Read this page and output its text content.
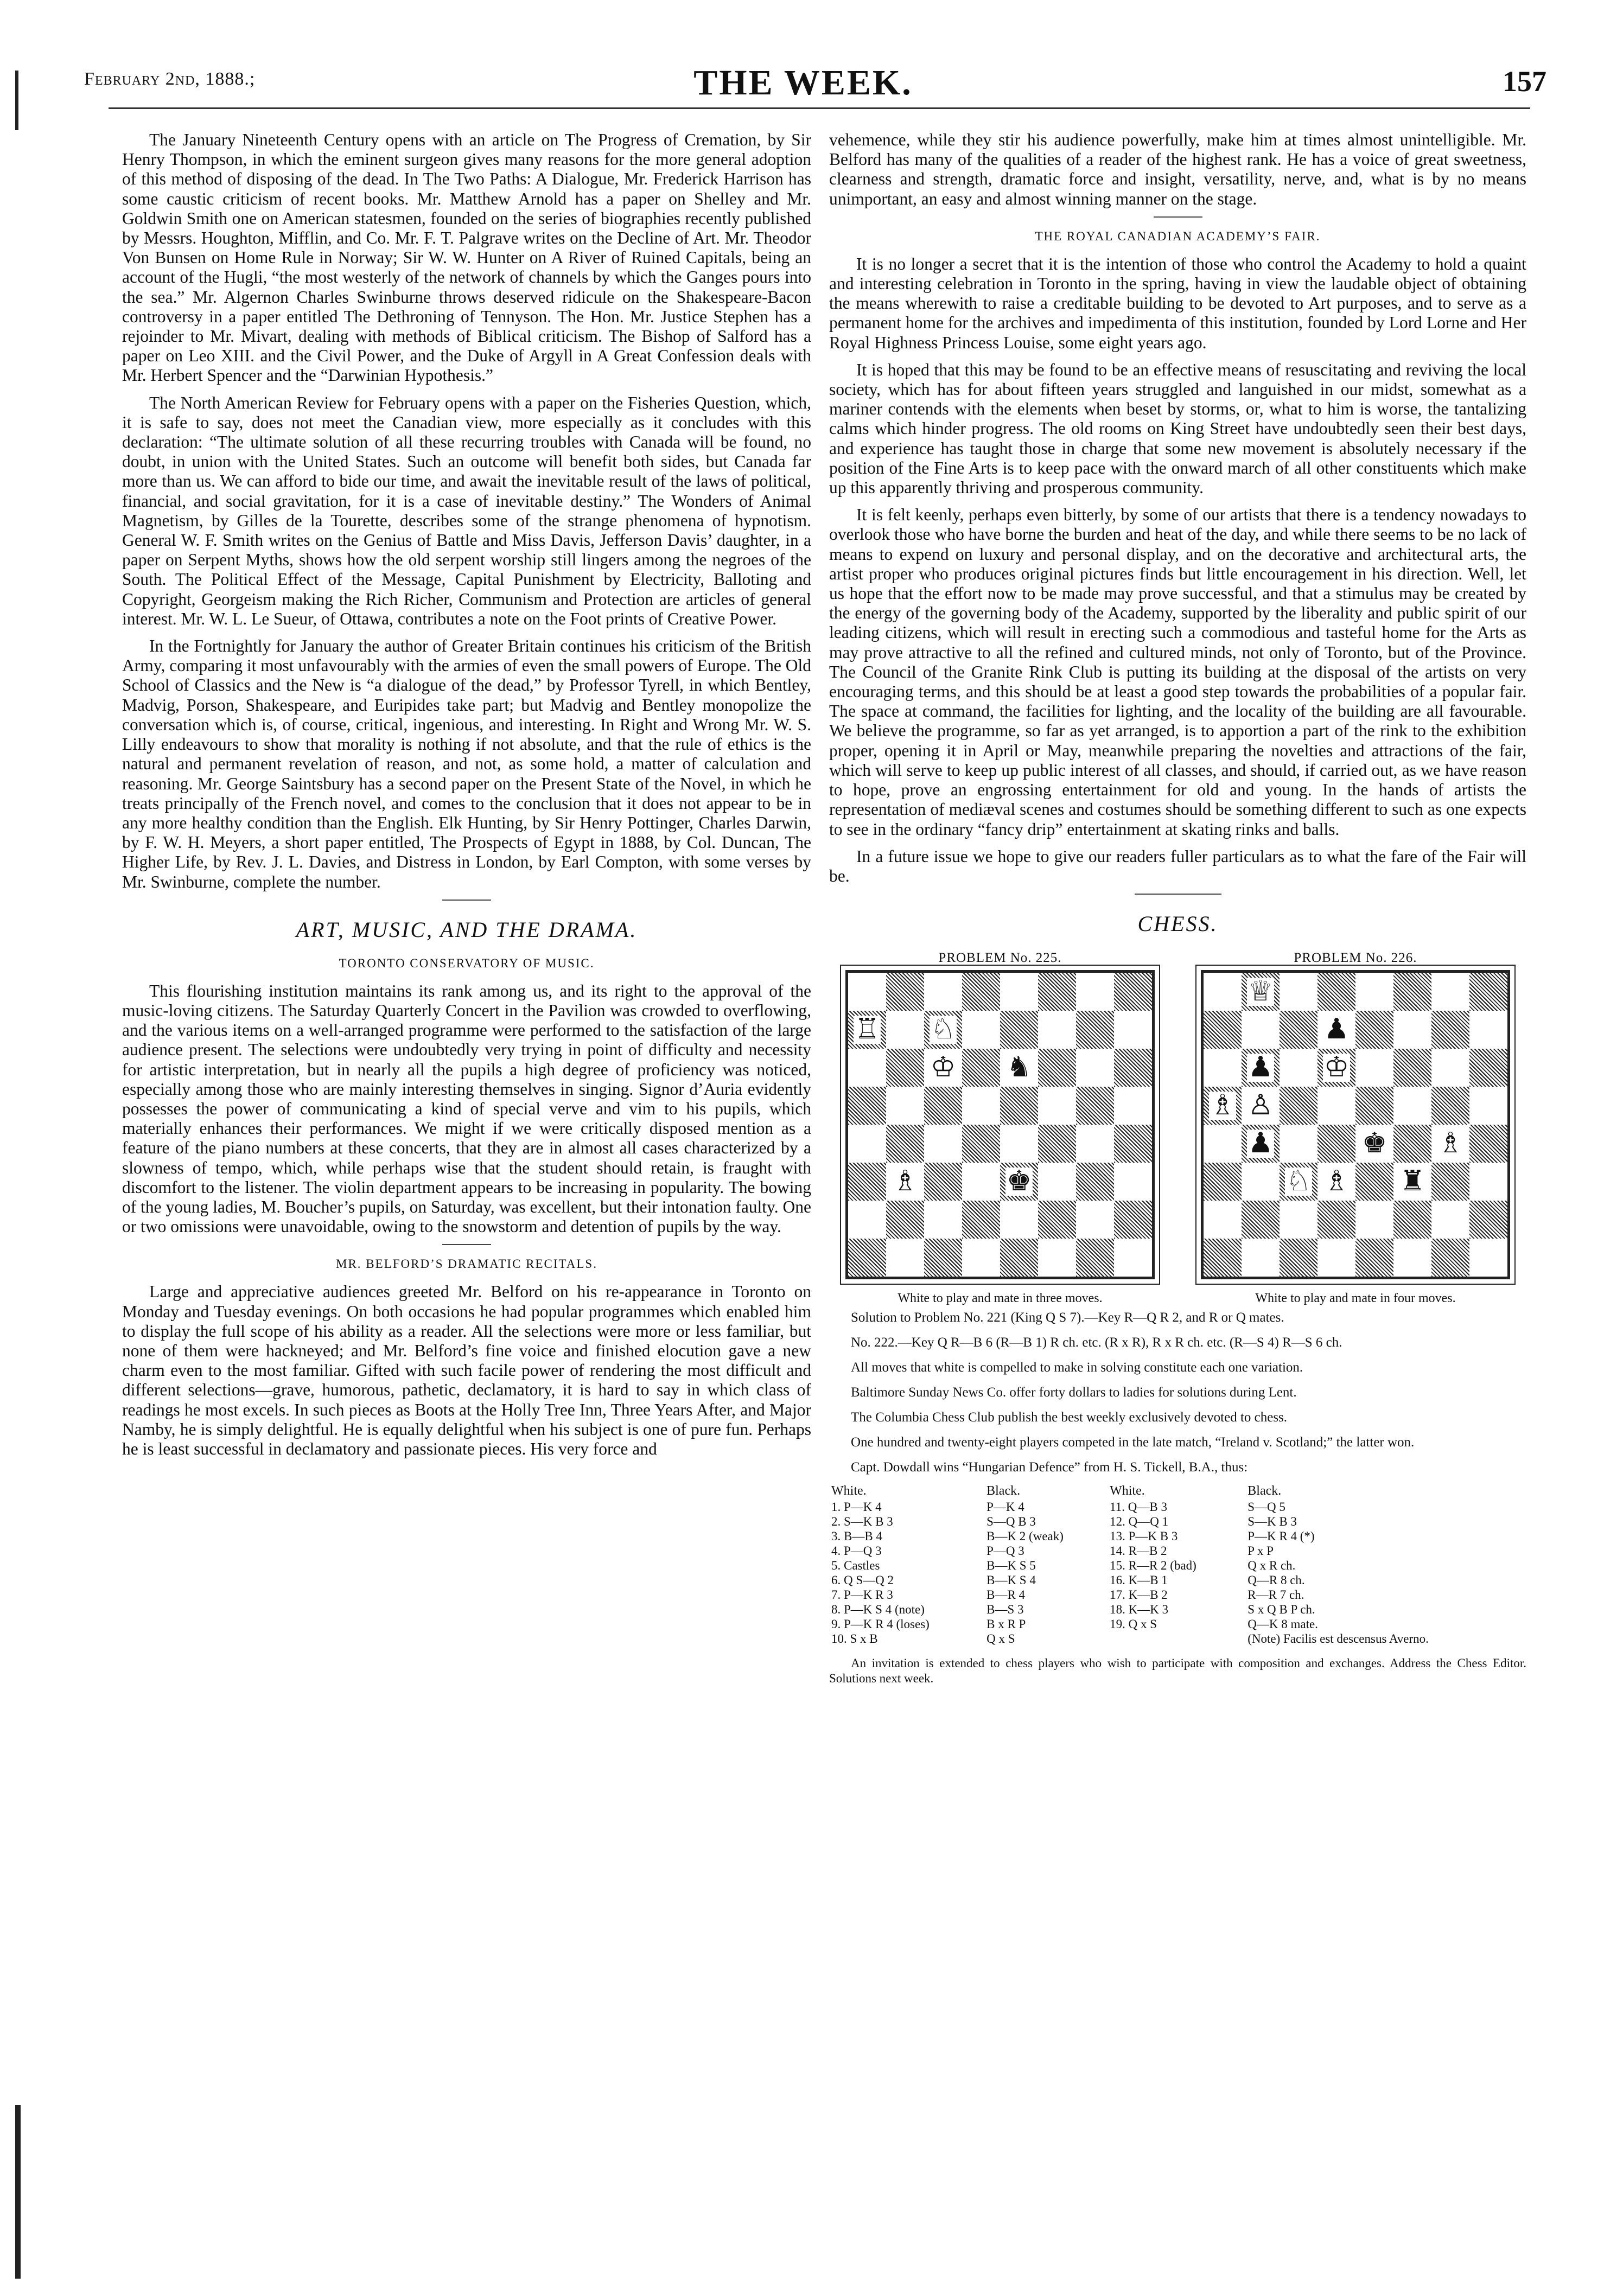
February 2nd, 1888.;	THE WEEK.	157

The January Nineteenth Century opens with an article on The Progress of Cremation, by Sir Henry Thompson, in which the eminent surgeon gives many reasons for the more general adoption of this method of disposing of the dead. In The Two Paths: A Dialogue, Mr. Frederick Harrison has some caustic criticism of recent books. Mr. Matthew Arnold has a paper on Shelley and Mr. Goldwin Smith one on American statesmen, founded on the series of biographies recently published by Messrs. Houghton, Mifflin, and Co. Mr. F. T. Palgrave writes on the Decline of Art. Mr. Theodor Von Bunsen on Home Rule in Norway; Sir W. W. Hunter on A River of Ruined Capitals, being an account of the Hugli, “the most westerly of the network of channels by which the Ganges pours into the sea.” Mr. Algernon Charles Swinburne throws deserved ridicule on the Shakespeare-Bacon controversy in a paper entitled The Dethroning of Tennyson. The Hon. Mr. Justice Stephen has a rejoinder to Mr. Mivart, dealing with methods of Biblical criticism. The Bishop of Salford has a paper on Leo XIII. and the Civil Power, and the Duke of Argyll in A Great Confession deals with Mr. Herbert Spencer and the “Darwinian Hypothesis.”

The North American Review for February opens with a paper on the Fisheries Question, which, it is safe to say, does not meet the Canadian view, more especially as it concludes with this declaration: “The ultimate solution of all these recurring troubles with Canada will be found, no doubt, in union with the United States. Such an outcome will benefit both sides, but Canada far more than us. We can afford to bide our time, and await the inevitable result of the laws of political, financial, and social gravitation, for it is a case of inevitable destiny.” The Wonders of Animal Magnetism, by Gilles de la Tourette, describes some of the strange phenomena of hypnotism. General W. F. Smith writes on the Genius of Battle and Miss Davis, Jefferson Davis’ daughter, in a paper on Serpent Myths, shows how the old serpent worship still lingers among the negroes of the South. The Political Effect of the Message, Capital Punishment by Electricity, Balloting and Copyright, Georgeism making the Rich Richer, Communism and Protection are articles of general interest. Mr. W. L. Le Sueur, of Ottawa, contributes a note on the Foot prints of Creative Power.

In the Fortnightly for January the author of Greater Britain continues his criticism of the British Army, comparing it most unfavourably with the armies of even the small powers of Europe. The Old School of Classics and the New is “a dialogue of the dead,” by Professor Tyrell, in which Bentley, Madvig, Porson, Shakespeare, and Euripides take part; but Madvig and Bentley monopolize the conversation which is, of course, critical, ingenious, and interesting. In Right and Wrong Mr. W. S. Lilly endeavours to show that morality is nothing if not absolute, and that the rule of ethics is the natural and permanent revelation of reason, and not, as some hold, a matter of calculation and reasoning. Mr. George Saintsbury has a second paper on the Present State of the Novel, in which he treats principally of the French novel, and comes to the conclusion that it does not appear to be in any more healthy condition than the English. Elk Hunting, by Sir Henry Pottinger, Charles Darwin, by F. W. H. Meyers, a short paper entitled, The Prospects of Egypt in 1888, by Col. Duncan, The Higher Life, by Rev. J. L. Davies, and Distress in London, by Earl Compton, with some verses by Mr. Swinburne, complete the number.

ART, MUSIC, AND THE DRAMA.
TORONTO CONSERVATORY OF MUSIC.

This flourishing institution maintains its rank among us, and its right to the approval of the music-loving citizens. The Saturday Quarterly Concert in the Pavilion was crowded to overflowing, and the various items on a well-arranged programme were performed to the satisfaction of the large audience present. The selections were undoubtedly very trying in point of difficulty and necessity for artistic interpretation, but in nearly all the pupils a high degree of proficiency was noticed, especially among those who are mainly interesting themselves in singing. Signor d’Auria evidently possesses the power of communicating a kind of special verve and vim to his pupils, which materially enhances their performances. We might if we were critically disposed mention as a feature of the piano numbers at these concerts, that they are in almost all cases characterized by a slowness of tempo, which, while perhaps wise that the student should retain, is fraught with discomfort to the listener. The violin department appears to be increasing in popularity. The bowing of the young ladies, M. Boucher’s pupils, on Saturday, was excellent, but their intonation faulty. One or two omissions were unavoidable, owing to the snowstorm and detention of pupils by the way.

MR. BELFORD’S DRAMATIC RECITALS.

Large and appreciative audiences greeted Mr. Belford on his re-appearance in Toronto on Monday and Tuesday evenings. On both occasions he had popular programmes which enabled him to display the full scope of his ability as a reader. All the selections were more or less familiar, but none of them were hackneyed; and Mr. Belford’s fine voice and finished elocution gave a new charm even to the most familiar. Gifted with such facile power of rendering the most difficult and different selections—grave, humorous, pathetic, declamatory, it is hard to say in which class of readings he most excels. In such pieces as Boots at the Holly Tree Inn, Three Years After, and Major Namby, he is simply delightful. He is equally delightful when his subject is one of pure fun. Perhaps he is least successful in declamatory and passionate pieces. His very force and

vehemence, while they stir his audience powerfully, make him at times almost unintelligible. Mr. Belford has many of the qualities of a reader of the highest rank. He has a voice of great sweetness, clearness and strength, dramatic force and insight, versatility, nerve, and, what is by no means unimportant, an easy and almost winning manner on the stage.

THE ROYAL CANADIAN ACADEMY’S FAIR.

It is no longer a secret that it is the intention of those who control the Academy to hold a quaint and interesting celebration in Toronto in the spring, having in view the laudable object of obtaining the means wherewith to raise a creditable building to be devoted to Art purposes, and to serve as a permanent home for the archives and impedimenta of this institution, founded by Lord Lorne and Her Royal Highness Princess Louise, some eight years ago.

It is hoped that this may be found to be an effective means of resuscitating and reviving the local society, which has for about fifteen years struggled and languished in our midst, somewhat as a mariner contends with the elements when beset by storms, or, what to him is worse, the tantalizing calms which hinder progress. The old rooms on King Street have undoubtedly seen their best days, and experience has taught those in charge that some new movement is absolutely necessary if the position of the Fine Arts is to keep pace with the onward march of all other constituents which make up this apparently thriving and prosperous community.

It is felt keenly, perhaps even bitterly, by some of our artists that there is a tendency nowadays to overlook those who have borne the burden and heat of the day, and while there seems to be no lack of means to expend on luxury and personal display, and on the decorative and architectural arts, the artist proper who produces original pictures finds but little encouragement in his direction. Well, let us hope that the effort now to be made may prove successful, and that a stimulus may be created by the energy of the governing body of the Academy, supported by the liberality and public spirit of our leading citizens, which will result in erecting such a commodious and tasteful home for the Arts as may prove attractive to all the refined and cultured minds, not only of Toronto, but of the Province. The Council of the Granite Rink Club is putting its building at the disposal of the artists on very encouraging terms, and this should be at least a good step towards the probabilities of a popular fair. The space at command, the facilities for lighting, and the locality of the building are all favourable. We believe the programme, so far as yet arranged, is to apportion a part of the rink to the exhibition proper, opening it in April or May, meanwhile preparing the novelties and attractions of the fair, which will serve to keep up public interest of all classes, and should, if carried out, as we have reason to hope, prove an engrossing entertainment for old and young. In the hands of artists the representation of mediæval scenes and costumes should be something different to such as one expects to see in the ordinary “fancy drip” entertainment at skating rinks and balls.

In a future issue we hope to give our readers fuller particulars as to what the fare of the Fair will be.

CHESS.
PROBLEM No. 225.
♖ ♘
♔ ♞
♗	♚
White to play and mate in three moves.
PROBLEM No. 226.
♕
♟
♟ ♔
♗ ♙
♟	♚ ♗
♘ ♗ ♜
White to play and mate in four moves.

Solution to Problem No. 221 (King Q S 7).—Key R—Q R 2, and R or Q mates.

No. 222.—Key Q R—B 6 (R—B 1) R ch. etc. (R x R), R x R ch. etc. (R—S 4) R—S 6 ch.

All moves that white is compelled to make in solving constitute each one variation.

Baltimore Sunday News Co. offer forty dollars to ladies for solutions during Lent.

The Columbia Chess Club publish the best weekly exclusively devoted to chess.

One hundred and twenty-eight players competed in the late match, “Ireland v. Scotland;” the latter won.

Capt. Dowdall wins “Hungarian Defence” from H. S. Tickell, B.A., thus:

White.	Black.	White.	Black.
1. P—K 4	P—K 4	11. Q—B 3	S—Q 5
2. S—K B 3	S—Q B 3	12. Q—Q 1	S—K B 3
3. B—B 4	B—K 2 (weak)	13. P—K B 3	P—K R 4 (*)
4. P—Q 3	P—Q 3	14. R—B 2	P x P
5. Castles	B—K S 5	15. R—R 2 (bad)	Q x R ch.
6. Q S—Q 2	B—K S 4	16. K—B 1	Q—R 8 ch.
7. P—K R 3	B—R 4	17. K—B 2	R—R 7 ch.
8. P—K S 4 (note)	B—S 3	18. K—K 3	S x Q B P ch.
9. P—K R 4 (loses)	B x R P	19. Q x S	Q—K 8 mate.
10. S x B	Q x S		(Note) Facilis est descensus Averno.

An invitation is extended to chess players who wish to participate with composition and exchanges. Address the Chess Editor. Solutions next week.
